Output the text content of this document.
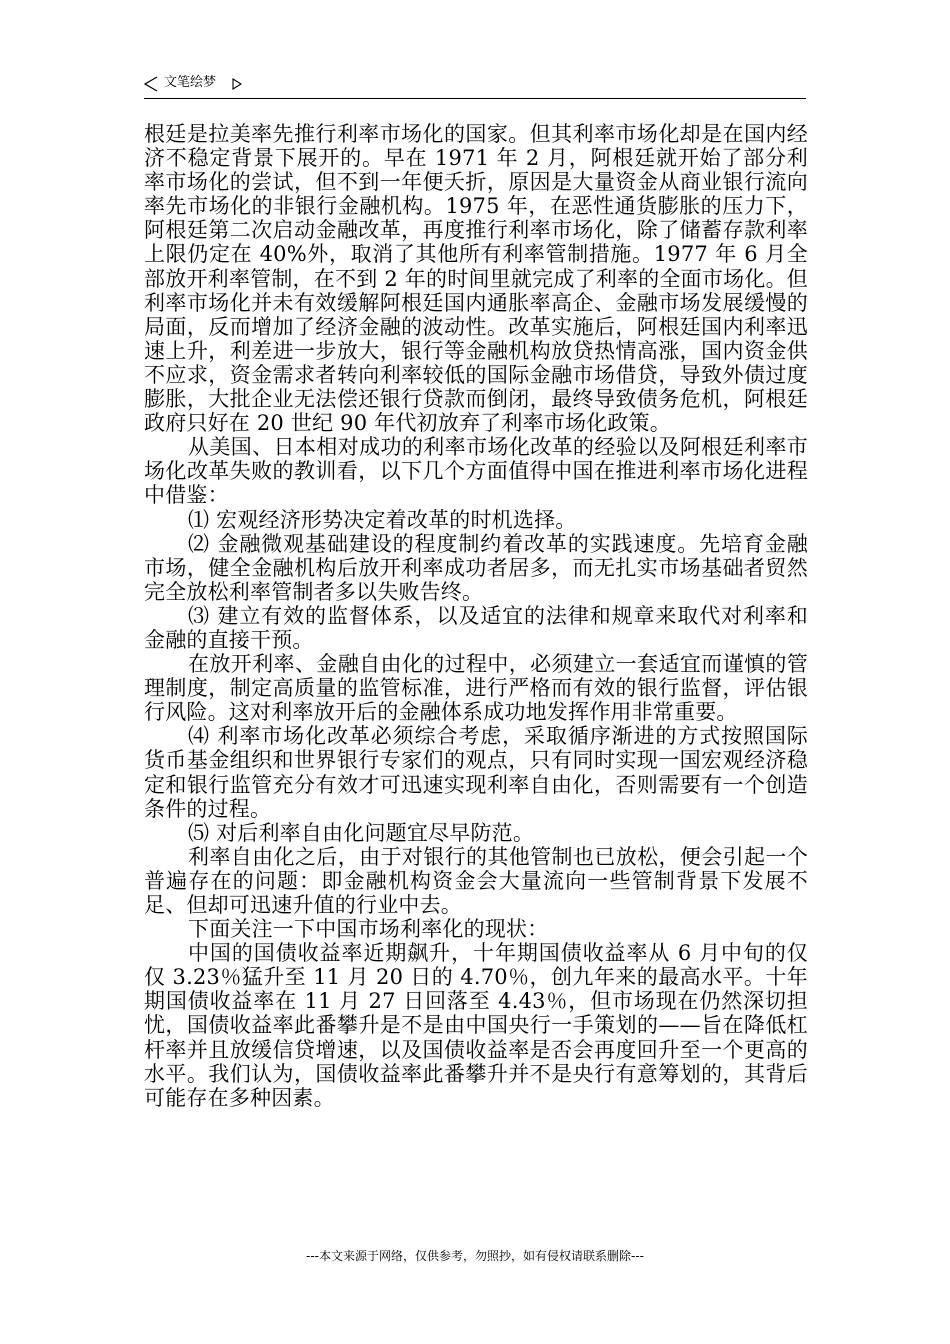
文笔绘梦

根廷是拉美率先推行利率市场化的国家。但其利率市场化却是在国内经济不稳定背景下展开的。早在 1971 年 2 月，阿根廷就开始了部分利率市场化的尝试，但不到一年便夭折，原因是大量资金从商业银行流向率先市场化的非银行金融机构。1975 年，在恶性通货膨胀的压力下，阿根廷第二次启动金融改革，再度推行利率市场化，除了储蓄存款利率上限仍定在 40%外，取消了其他所有利率管制措施。1977 年 6 月全部放开利率管制，在不到 2 年的时间里就完成了利率的全面市场化。但利率市场化并未有效缓解阿根廷国内通胀率高企、金融市场发展缓慢的局面，反而增加了经济金融的波动性。改革实施后，阿根廷国内利率迅速上升，利差进一步放大，银行等金融机构放贷热情高涨，国内资金供不应求，资金需求者转向利率较低的国际金融市场借贷，导致外债过度膨胀，大批企业无法偿还银行贷款而倒闭，最终导致债务危机，阿根廷政府只好在 20 世纪 90 年代初放弃了利率市场化政策。

从美国、日本相对成功的利率市场化改革的经验以及阿根廷利率市场化改革失败的教训看，以下几个方面值得中国在推进利率市场化进程中借鉴：

⑴ 宏观经济形势决定着改革的时机选择。

⑵ 金融微观基础建设的程度制约着改革的实践速度。先培育金融市场，健全金融机构后放开利率成功者居多，而无扎实市场基础者贸然完全放松利率管制者多以失败告终。

⑶ 建立有效的监督体系，以及适宜的法律和规章来取代对利率和金融的直接干预。

在放开利率、金融自由化的过程中，必须建立一套适宜而谨慎的管理制度，制定高质量的监管标准，进行严格而有效的银行监督，评估银行风险。这对利率放开后的金融体系成功地发挥作用非常重要。

⑷ 利率市场化改革必须综合考虑，采取循序渐进的方式按照国际货币基金组织和世界银行专家们的观点，只有同时实现一国宏观经济稳定和银行监管充分有效才可迅速实现利率自由化，否则需要有一个创造条件的过程。

⑸ 对后利率自由化问题宜尽早防范。

利率自由化之后，由于对银行的其他管制也已放松，便会引起一个普遍存在的问题：即金融机构资金会大量流向一些管制背景下发展不足、但却可迅速升值的行业中去。

下面关注一下中国市场利率化的现状：

中国的国债收益率近期飙升，十年期国债收益率从 6 月中旬的仅仅 3.23％猛升至 11 月 20 日的 4.70％，创九年来的最高水平。十年期国债收益率在 11 月 27 日回落至 4.43％，但市场现在仍然深切担忧，国债收益率此番攀升是不是由中国央行一手策划的——旨在降低杠杆率并且放缓信贷增速，以及国债收益率是否会再度回升至一个更高的水平。我们认为，国债收益率此番攀升并不是央行有意筹划的，其背后可能存在多种因素。

---本文来源于网络，仅供参考，勿照抄，如有侵权请联系删除---
